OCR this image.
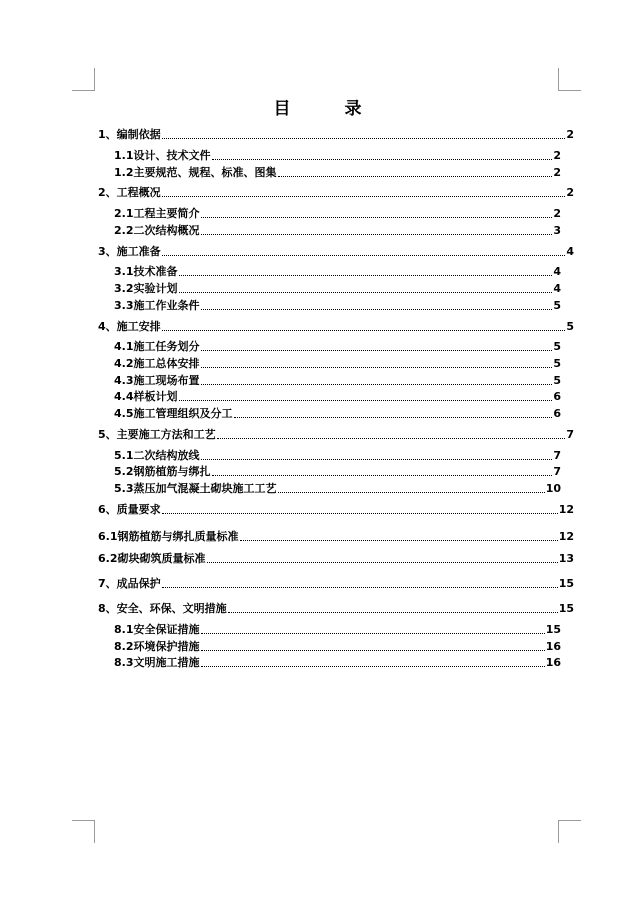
目	录
1、编制依据	2
1.1设计、技术文件	2
1.2主要规范、规程、标准、图集	2
2、工程概况	2
2.1工程主要简介	2
2.2二次结构概况	3
3、施工准备	4
3.1技术准备	4
3.2实验计划	4
3.3施工作业条件	5
4、施工安排	5
4.1施工任务划分	5
4.2施工总体安排	5
4.3施工现场布置	5
4.4样板计划	6
4.5施工管理组织及分工	6
5、主要施工方法和工艺	7
5.1二次结构放线	7
5.2钢筋植筋与绑扎	7
5.3蒸压加气混凝土砌块施工工艺	10
6、质量要求	12
6.1钢筋植筋与绑扎质量标准	12
6.2砌块砌筑质量标准	13
7、成品保护	15
8、安全、环保、文明措施	15
8.1安全保证措施	15
8.2环境保护措施	16
8.3文明施工措施	16
